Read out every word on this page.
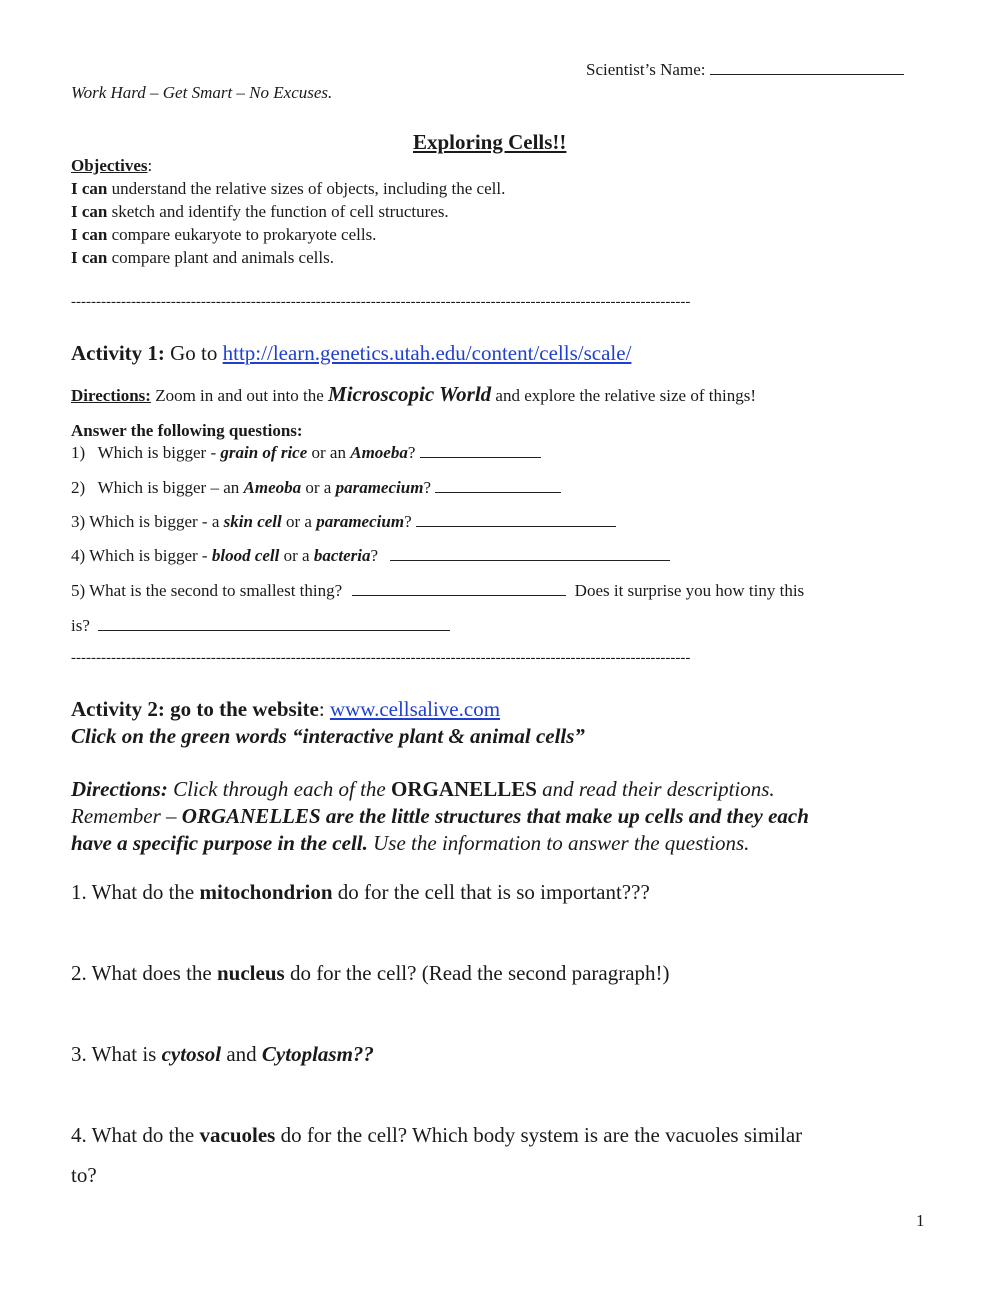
Scientist’s Name:
Work Hard – Get Smart – No Excuses.
Exploring Cells!!
Objectives:
I can understand the relative sizes of objects, including the cell.
I can sketch and identify the function of cell structures.
I can compare eukaryote to prokaryote cells.
I can compare plant and animals cells.
----------------------------------------------------------------------------------------------------------------------------
Activity 1: Go to http://learn.genetics.utah.edu/content/cells/scale/
Directions: Zoom in and out into the Microscopic World and explore the relative size of things!
Answer the following questions:
1) Which is bigger - grain of rice or an Amoeba?
2) Which is bigger – an Ameoba or a paramecium?
3) Which is bigger - a skin cell or a paramecium?
4) Which is bigger - blood cell or a bacteria?
5) What is the second to smallest thing?	Does it surprise you how tiny this
is?
----------------------------------------------------------------------------------------------------------------------------
Activity 2: go to the website: www.cellsalive.com
Click on the green words “interactive plant & animal cells”
Directions: Click through each of the ORGANELLES and read their descriptions.
Remember – ORGANELLES are the little structures that make up cells and they each
have a specific purpose in the cell. Use the information to answer the questions.
1. What do the mitochondrion do for the cell that is so important???
2. What does the nucleus do for the cell? (Read the second paragraph!)
3. What is cytosol and Cytoplasm??
4. What do the vacuoles do for the cell? Which body system is are the vacuoles similar
to?
1
